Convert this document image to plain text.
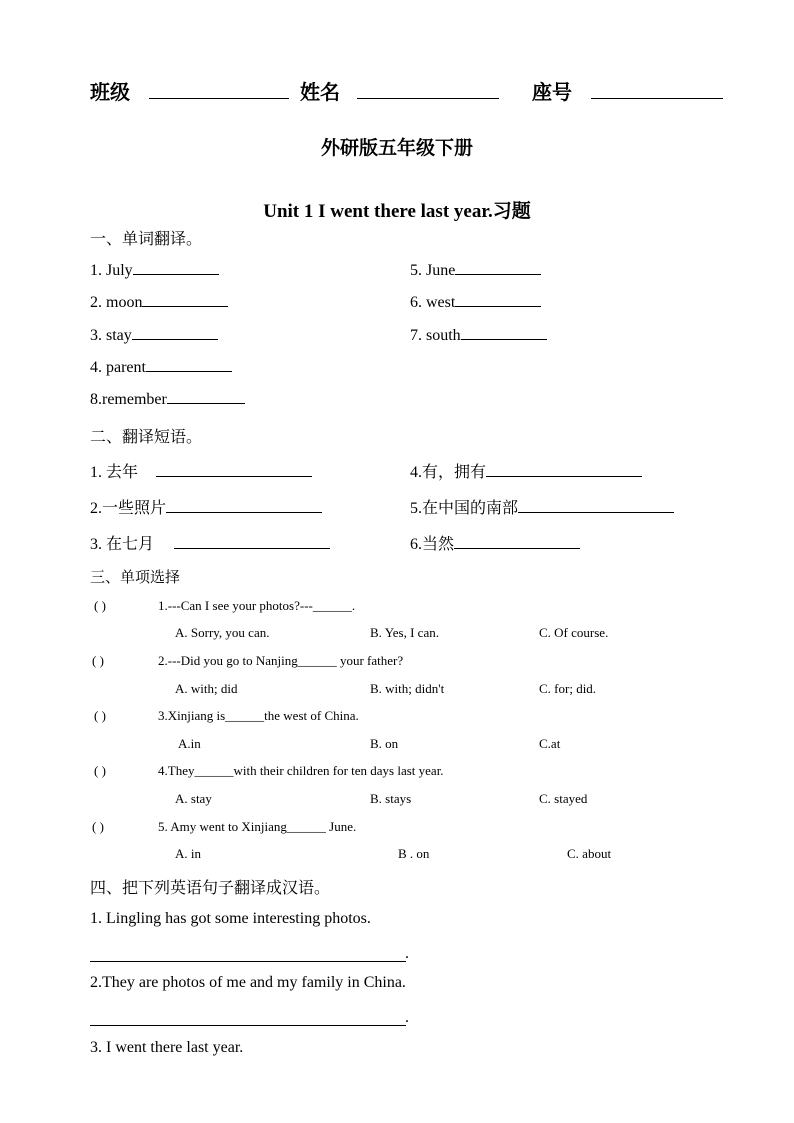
班级	姓名	座号
外研版五年级下册
Unit 1 I went there last year.习题
一、单词翻译。
1. July
2. moon
3. stay
4. parent
8.remember
5. June
6. west
7. south
二、翻译短语。
1. 去年
2.一些照片
3. 在七月
4.有，拥有
5.在中国的南部
6.当然
三、单项选择
( )	1.---Can I see your photos?---______.
A. Sorry, you can.	B. Yes, I can.	C. Of course.
( )	2.---Did you go to Nanjing______ your father?
A. with; did	B. with; didn't	C. for; did.
( )	3.Xinjiang is______the west of China.
A.in	B. on	C.at
( )	4.They______with their children for ten days last year.
A. stay	B. stays	C. stayed
( )	5. Amy went to Xinjiang______ June.
A. in	B . on	C. about
四、把下列英语句子翻译成汉语。
1. Lingling has got some interesting photos.
.
2.They are photos of me and my family in China.
.
3. I went there last year.
